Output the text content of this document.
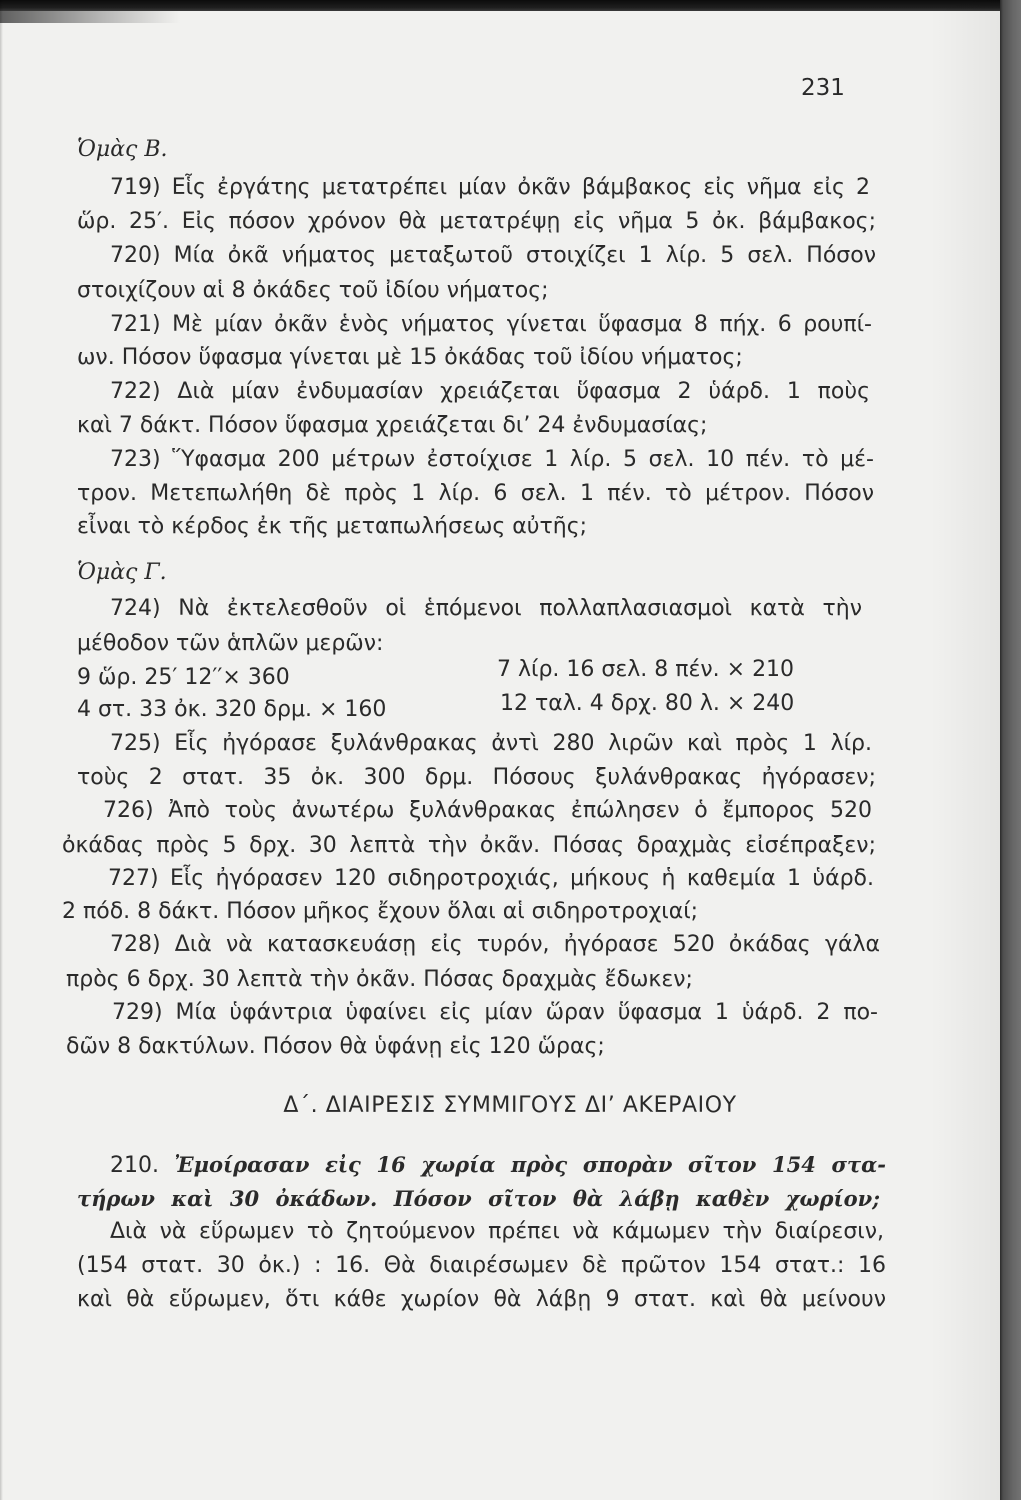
231
Ὁμὰς Β.
719) Εἷς ἐργάτης μετατρέπει μίαν ὀκᾶν βάμβακος εἰς νῆμα εἰς 2
ὥρ. 25′. Εἰς πόσον χρόνον θὰ μετατρέψῃ εἰς νῆμα 5 ὀκ. βάμβακος;
720) Μία ὀκᾶ νήματος μεταξωτοῦ στοιχίζει 1 λίρ. 5 σελ. Πόσον
στοιχίζουν αἱ 8 ὀκάδες τοῦ ἰδίου νήματος;
721) Μὲ μίαν ὀκᾶν ἑνὸς νήματος γίνεται ὕφασμα 8 πήχ. 6 ρουπί-
ων. Πόσον ὕφασμα γίνεται μὲ 15 ὀκάδας τοῦ ἰδίου νήματος;
722) Διὰ μίαν ἐνδυμασίαν χρειάζεται ὕφασμα 2 ὑάρδ. 1 ποὺς
καὶ 7 δάκτ. Πόσον ὕφασμα χρειάζεται δι’ 24 ἐνδυμασίας;
723) Ὕφασμα 200 μέτρων ἐστοίχισε 1 λίρ. 5 σελ. 10 πέν. τὸ μέ-
τρον. Μετεπωλήθη δὲ πρὸς 1 λίρ. 6 σελ. 1 πέν. τὸ μέτρον. Πόσον
εἶναι τὸ κέρδος ἐκ τῆς μεταπωλήσεως αὐτῆς;
Ὁμὰς Γ.
724) Νὰ ἐκτελεσθοῦν οἱ ἑπόμενοι πολλαπλασιασμοὶ κατὰ τὴν
μέθοδον τῶν ἁπλῶν μερῶν:
9 ὥρ. 25′ 12′′× 360	7 λίρ. 16 σελ. 8 πέν. × 210
4 στ. 33 ὀκ. 320 δρμ. × 160	12 ταλ. 4 δρχ. 80 λ. × 240
725) Εἷς ἠγόρασε ξυλάνθρακας ἀντὶ 280 λιρῶν καὶ πρὸς 1 λίρ.
τοὺς 2 στατ. 35 ὀκ. 300 δρμ. Πόσους ξυλάνθρακας ἠγόρασεν;
726) Ἀπὸ τοὺς ἀνωτέρω ξυλάνθρακας ἐπώλησεν ὁ ἔμπορος 520
ὀκάδας πρὸς 5 δρχ. 30 λεπτὰ τὴν ὀκᾶν. Πόσας δραχμὰς εἰσέπραξεν;
727) Εἷς ἠγόρασεν 120 σιδηροτροχιάς, μήκους ἡ καθεμία 1 ὑάρδ.
2 πόδ. 8 δάκτ. Πόσον μῆκος ἔχουν ὅλαι αἱ σιδηροτροχιαί;
728) Διὰ νὰ κατασκευάσῃ εἰς τυρόν, ἠγόρασε 520 ὀκάδας γάλα
πρὸς 6 δρχ. 30 λεπτὰ τὴν ὀκᾶν. Πόσας δραχμὰς ἔδωκεν;
729) Μία ὑφάντρια ὑφαίνει εἰς μίαν ὥραν ὕφασμα 1 ὑάρδ. 2 πο-
δῶν 8 δακτύλων. Πόσον θὰ ὑφάνῃ εἰς 120 ὥρας;
Δ΄. ΔΙΑΙΡΕΣΙΣ ΣΥΜΜΙΓΟΥΣ ΔΙ’ ΑΚΕΡΑΙΟΥ
210. Ἐμοίρασαν εἰς 16 χωρία πρὸς σπορὰν σῖτον 154 στα-
τήρων καὶ 30 ὀκάδων. Πόσον σῖτον θὰ λάβῃ καθὲν χωρίον;
Διὰ νὰ εὕρωμεν τὸ ζητούμενον πρέπει νὰ κάμωμεν τὴν διαίρεσιν,
(154 στατ. 30 ὀκ.) : 16. Θὰ διαιρέσωμεν δὲ πρῶτον 154 στατ.: 16
καὶ θὰ εὕρωμεν, ὅτι κάθε χωρίον θὰ λάβῃ 9 στατ. καὶ θὰ μείνουν
